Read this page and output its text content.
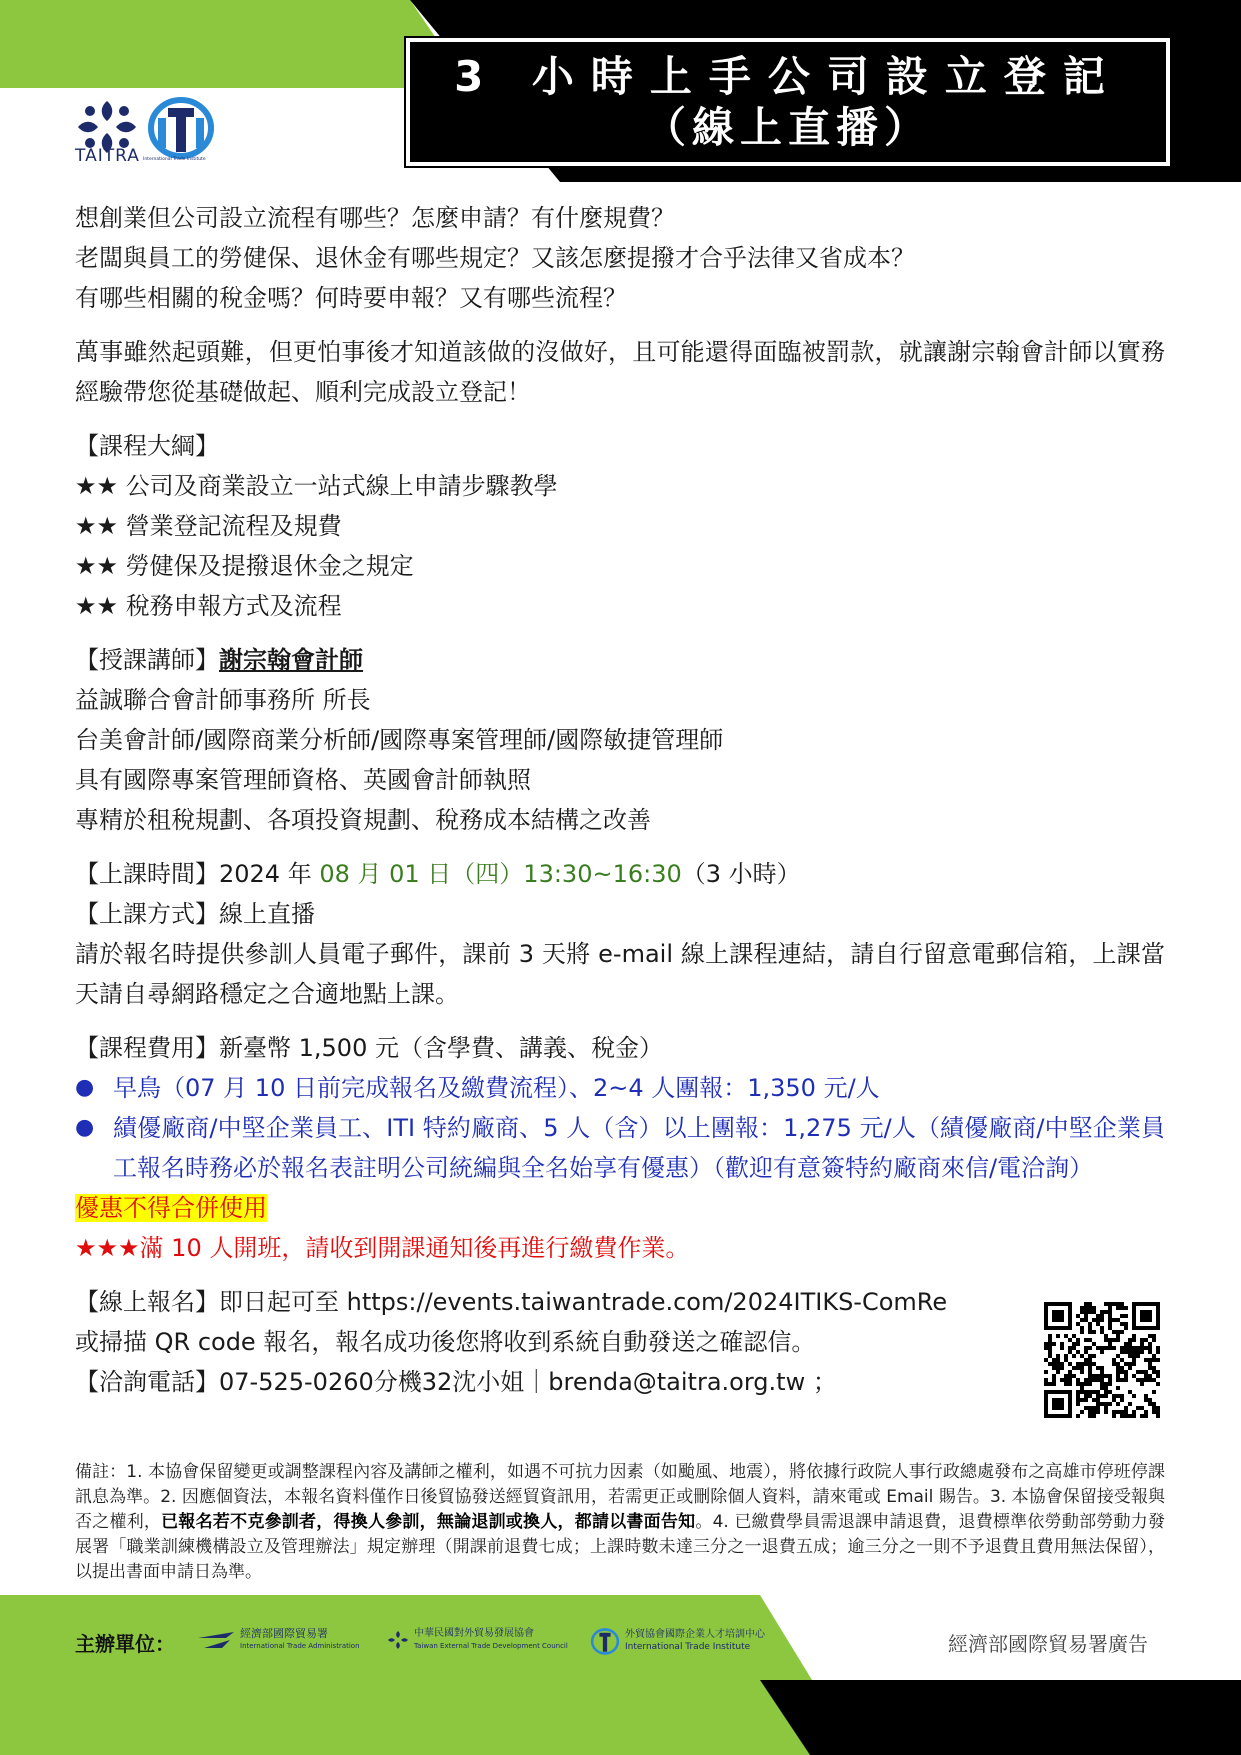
TAITRA International Trade Institute
3 小時上手公司設立登記
（線上直播）

想創業但公司設立流程有哪些？怎麼申請？有什麼規費？

老闆與員工的勞健保、退休金有哪些規定？又該怎麼提撥才合乎法律又省成本？

有哪些相關的稅金嗎？何時要申報？又有哪些流程？

萬事雖然起頭難，但更怕事後才知道該做的沒做好，且可能還得面臨被罰款，就讓謝宗翰會計師以實務經驗帶您從基礎做起、順利完成設立登記！

【課程大綱】

★★ 公司及商業設立一站式線上申請步驟教學

★★ 營業登記流程及規費

★★ 勞健保及提撥退休金之規定

★★ 稅務申報方式及流程

【授課講師】謝宗翰會計師

益誠聯合會計師事務所 所長

台美會計師/國際商業分析師/國際專案管理師/國際敏捷管理師

具有國際專案管理師資格、英國會計師執照

專精於租稅規劃、各項投資規劃、稅務成本結構之改善

【上課時間】2024 年 08 月 01 日（四）13:30~16:30（3 小時）

【上課方式】線上直播

請於報名時提供參訓人員電子郵件，課前 3 天將 e-mail 線上課程連結，請自行留意電郵信箱，上課當天請自尋網路穩定之合適地點上課。

【課程費用】新臺幣 1,500 元（含學費、講義、稅金）

● 早鳥（07 月 10 日前完成報名及繳費流程）、2~4 人團報：1,350 元/人
● 績優廠商/中堅企業員工、ITI 特約廠商、5 人（含）以上團報：1,275 元/人（績優廠商/中堅企業員工報名時務必於報名表註明公司統編與全名始享有優惠）（歡迎有意簽特約廠商來信/電洽詢）

優惠不得合併使用

★★★滿 10 人開班，請收到開課通知後再進行繳費作業。

【線上報名】即日起可至 https://events.taiwantrade.com/2024ITIKS-ComRe

或掃描 QR code 報名，報名成功後您將收到系統自動發送之確認信。

【洽詢電話】07-525-0260分機32沈小姐｜brenda@taitra.org.tw ；

備註：1. 本協會保留變更或調整課程內容及講師之權利，如遇不可抗力因素（如颱風、地震），將依據行政院人事行政總處發布之高雄市停班停課訊息為準。2. 因應個資法，本報名資料僅作日後貿協發送經貿資訊用，若需更正或刪除個人資料，請來電或 Email 賜告。3. 本協會保留接受報與否之權利，已報名若不克參訓者，得換人參訓，無論退訓或換人，都請以書面告知。4. 已繳費學員需退課申請退費，退費標準依勞動部勞動力發展署「職業訓練機構設立及管理辦法」規定辦理（開課前退費七成；上課時數未達三分之一退費五成；逾三分之一則不予退費且費用無法保留），以提出書面申請日為準。
主辦單位：	經濟部國際貿易署
International Trade Administration
中華民國對外貿易發展協會
Taiwan External Trade Development Council
外貿協會國際企業人才培訓中心
International Trade Institute	經濟部國際貿易署廣告
